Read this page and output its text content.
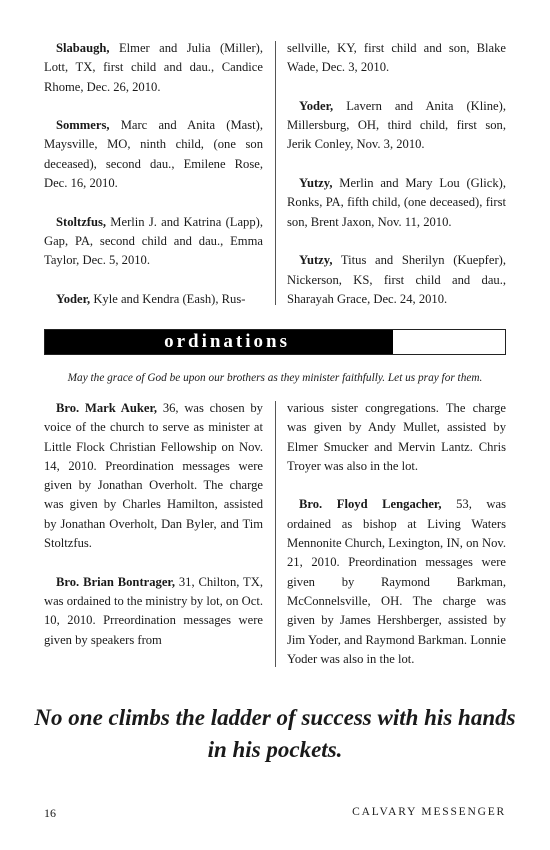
Slabaugh, Elmer and Julia (Miller), Lott, TX, first child and dau., Candice Rhome, Dec. 26, 2010.

Sommers, Marc and Anita (Mast), Maysville, MO, ninth child, (one son deceased), second dau., Emilene Rose, Dec. 16, 2010.

Stoltzfus, Merlin J. and Katrina (Lapp), Gap, PA, second child and dau., Emma Taylor, Dec. 5, 2010.

Yoder, Kyle and Kendra (Eash), Rus-

sellville, KY, first child and son, Blake Wade, Dec. 3, 2010.

Yoder, Lavern and Anita (Kline), Millersburg, OH, third child, first son, Jerik Conley, Nov. 3, 2010.

Yutzy, Merlin and Mary Lou (Glick), Ronks, PA, fifth child, (one deceased), first son, Brent Jaxon, Nov. 11, 2010.

Yutzy, Titus and Sherilyn (Kuepfer), Nickerson, KS, first child and dau., Sharayah Grace, Dec. 24, 2010.

ordinations
May the grace of God be upon our brothers as they minister faithfully. Let us pray for them.

Bro. Mark Auker, 36, was chosen by voice of the church to serve as minister at Little Flock Christian Fellowship on Nov. 14, 2010. Preordination messages were given by Jonathan Overholt. The charge was given by Charles Hamilton, assisted by Jonathan Overholt, Dan Byler, and Tim Stoltzfus.

Bro. Brian Bontrager, 31, Chilton, TX, was ordained to the ministry by lot, on Oct. 10, 2010. Prreordination messages were given by speakers from

various sister congregations. The charge was given by Andy Mullet, assisted by Elmer Smucker and Mervin Lantz. Chris Troyer was also in the lot.

Bro. Floyd Lengacher, 53, was ordained as bishop at Living Waters Mennonite Church, Lexington, IN, on Nov. 21, 2010. Preordination messages were given by Raymond Barkman, McConnelsville, OH. The charge was given by James Hershberger, assisted by Jim Yoder, and Raymond Barkman. Lonnie Yoder was also in the lot.

No one climbs the ladder of success with his hands in his pockets.
16	CALVARY MESSENGER
